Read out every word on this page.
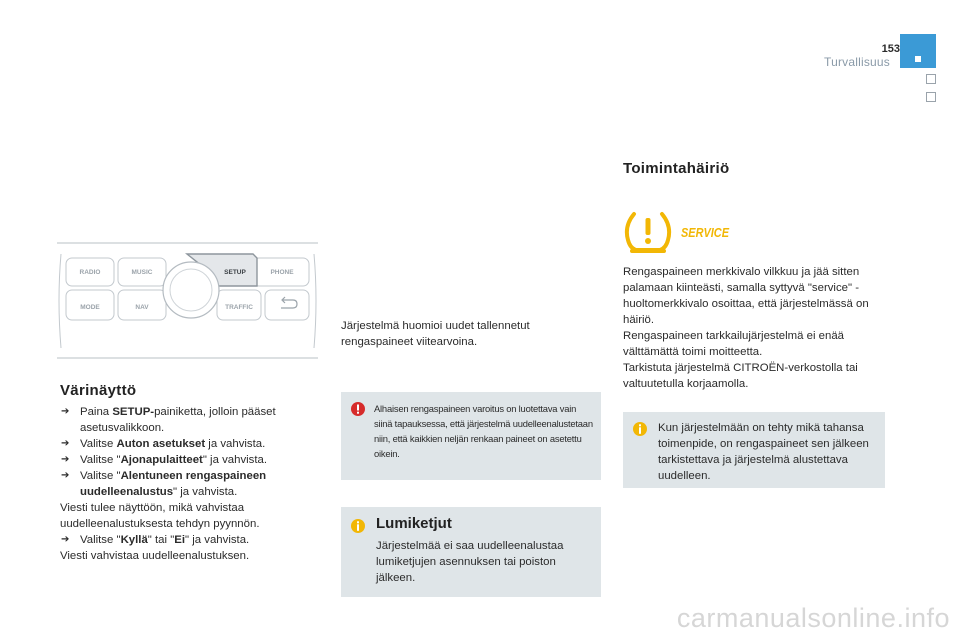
153
Turvallisuus
RADIO	MUSIC	SETUP	PHONE
MODE	NAV	TRAFFIC
Värinäyttö
➔ Paina SETUP-painiketta, jolloin pääset asetusvalikkoon.
➔ Valitse Auton asetukset ja vahvista.
➔ Valitse "Ajonapulaitteet" ja vahvista.
➔ Valitse "Alentuneen rengaspaineen uudelleenalustus" ja vahvista.
Viesti tulee näyttöön, mikä vahvistaa uudelleenalustuksesta tehdyn pyynnön.
➔ Valitse "Kyllä" tai "Ei" ja vahvista.
Viesti vahvistaa uudelleenalustuksen.
Järjestelmä huomioi uudet tallennetut rengaspaineet viitearvoina.
Alhaisen rengaspaineen varoitus on luotettava vain siinä tapauksessa, että järjestelmä uudelleenalustetaan niin, että kaikkien neljän renkaan paineet on asetettu oikein.
Lumiketjut
Järjestelmää ei saa uudelleenalustaa lumiketjujen asennuksen tai poiston jälkeen.
Toimintahäiriö
SERVICE
Rengaspaineen merkkivalo vilkkuu ja jää sitten palamaan kiinteästi, samalla syttyvä "service" -huoltomerkkivalo osoittaa, että järjestelmässä on häiriö.
Rengaspaineen tarkkailujärjestelmä ei enää välttämättä toimi moitteetta.
Tarkistuta järjestelmä CITROËN-verkostolla tai valtuutetulla korjaamolla.
Kun järjestelmään on tehty mikä tahansa toimenpide, on rengaspaineet sen jälkeen tarkistettava ja järjestelmä alustettava uudelleen.
carmanualsonline.info
